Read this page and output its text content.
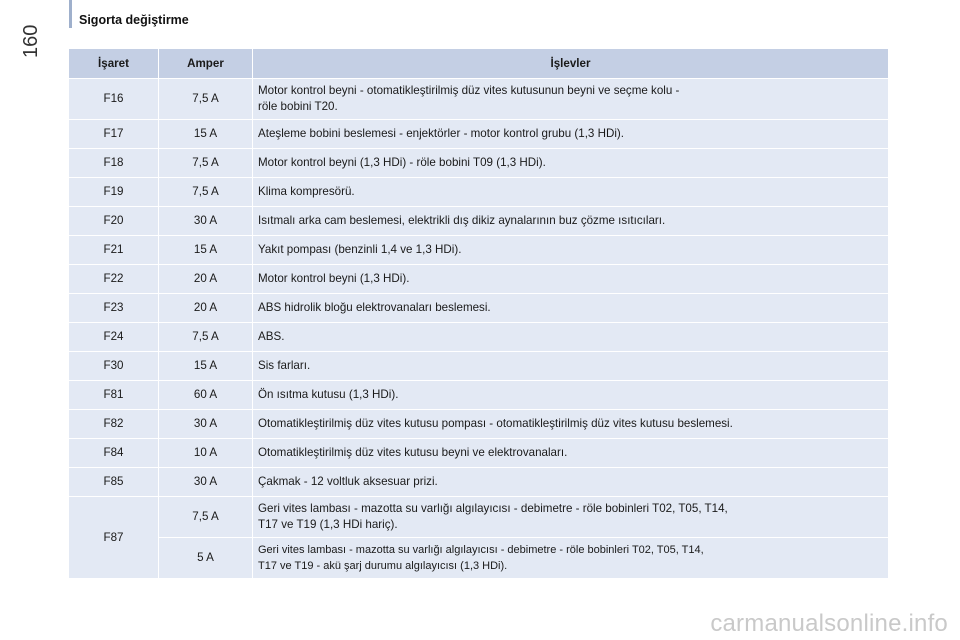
Sigorta değiştirme
160
İşaret	Amper	İşlevler
F16	7,5 A	Motor kontrol beyni - otomatikleştirilmiş düz vites kutusunun beyni ve seçme kolu -
röle bobini T20.

F17	15 A	Ateşleme bobini beslemesi - enjektörler - motor kontrol grubu (1,3 HDi).
F18	7,5 A	Motor kontrol beyni (1,3 HDi) - röle bobini T09 (1,3 HDi).
F19	7,5 A	Klima kompresörü.
F20	30 A	Isıtmalı arka cam beslemesi, elektrikli dış dikiz aynalarının buz çözme ısıtıcıları.
F21	15 A	Yakıt pompası (benzinli 1,4 ve 1,3 HDi).
F22	20 A	Motor kontrol beyni (1,3 HDi).
F23	20 A	ABS hidrolik bloğu elektrovanaları beslemesi.
F24	7,5 A	ABS.
F30	15 A	Sis farları.
F81	60 A	Ön ısıtma kutusu (1,3 HDi).
F82	30 A	Otomatikleştirilmiş düz vites kutusu pompası - otomatikleştirilmiş düz vites kutusu beslemesi.
F84	10 A	Otomatikleştirilmiş düz vites kutusu beyni ve elektrovanaları.
F85	30 A	Çakmak - 12 voltluk aksesuar prizi.
F87	7,5 A	Geri vites lambası - mazotta su varlığı algılayıcısı - debimetre - röle bobinleri T02, T05, T14,
T17 ve T19 (1,3 HDi hariç).

	5 A	Geri vites lambası - mazotta su varlığı algılayıcısı - debimetre - röle bobinleri T02, T05, T14,
T17 ve T19 - akü şarj durumu algılayıcısı (1,3 HDi).
carmanualsonline.info
